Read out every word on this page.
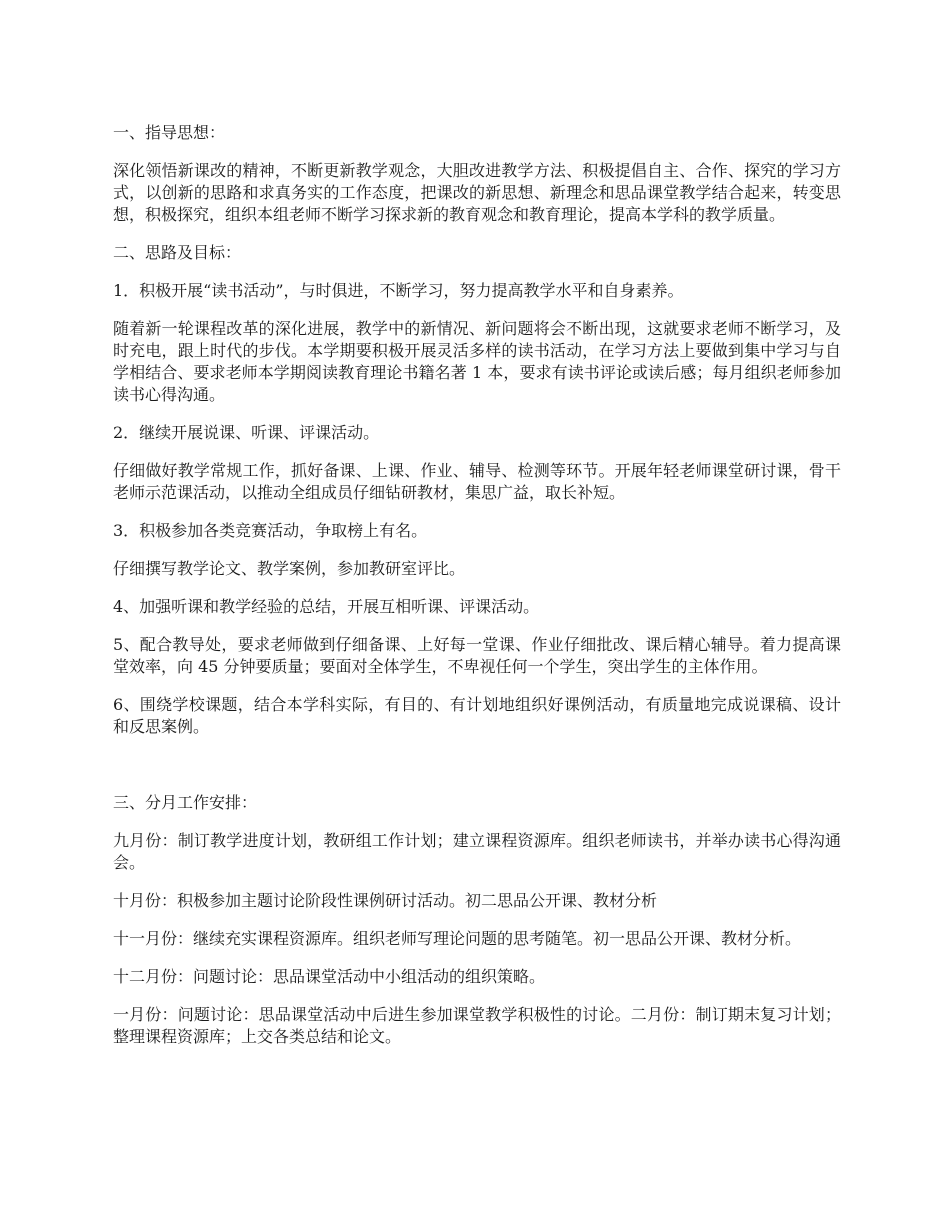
一、指导思想：

深化领悟新课改的精神，不断更新教学观念，大胆改进教学方法、积极提倡自主、合作、探究的学习方式，以创新的思路和求真务实的工作态度，把课改的新思想、新理念和思品课堂教学结合起来，转变思想，积极探究，组织本组老师不断学习探求新的教育观念和教育理论，提高本学科的教学质量。

二、思路及目标：

1．积极开展“读书活动”，与时俱进，不断学习，努力提高教学水平和自身素养。

随着新一轮课程改革的深化进展，教学中的新情况、新问题将会不断出现，这就要求老师不断学习，及时充电，跟上时代的步伐。本学期要积极开展灵活多样的读书活动，在学习方法上要做到集中学习与自学相结合、要求老师本学期阅读教育理论书籍名著 1 本，要求有读书评论或读后感；每月组织老师参加读书心得沟通。

2．继续开展说课、听课、评课活动。

仔细做好教学常规工作，抓好备课、上课、作业、辅导、检测等环节。开展年轻老师课堂研讨课，骨干老师示范课活动，以推动全组成员仔细钻研教材，集思广益，取长补短。

3．积极参加各类竞赛活动，争取榜上有名。

仔细撰写教学论文、教学案例，参加教研室评比。

4、加强听课和教学经验的总结，开展互相听课、评课活动。

5、配合教导处，要求老师做到仔细备课、上好每一堂课、作业仔细批改、课后精心辅导。着力提高课堂效率，向 45 分钟要质量；要面对全体学生，不卑视任何一个学生，突出学生的主体作用。

6、围绕学校课题，结合本学科实际，有目的、有计划地组织好课例活动，有质量地完成说课稿、设计和反思案例。

三、分月工作安排：

九月份：制订教学进度计划，教研组工作计划；建立课程资源库。组织老师读书，并举办读书心得沟通会。

十月份：积极参加主题讨论阶段性课例研讨活动。初二思品公开课、教材分析

十一月份：继续充实课程资源库。组织老师写理论问题的思考随笔。初一思品公开课、教材分析。

十二月份：问题讨论：思品课堂活动中小组活动的组织策略。

一月份：问题讨论：思品课堂活动中后进生参加课堂教学积极性的讨论。二月份：制订期末复习计划；整理课程资源库；上交各类总结和论文。
